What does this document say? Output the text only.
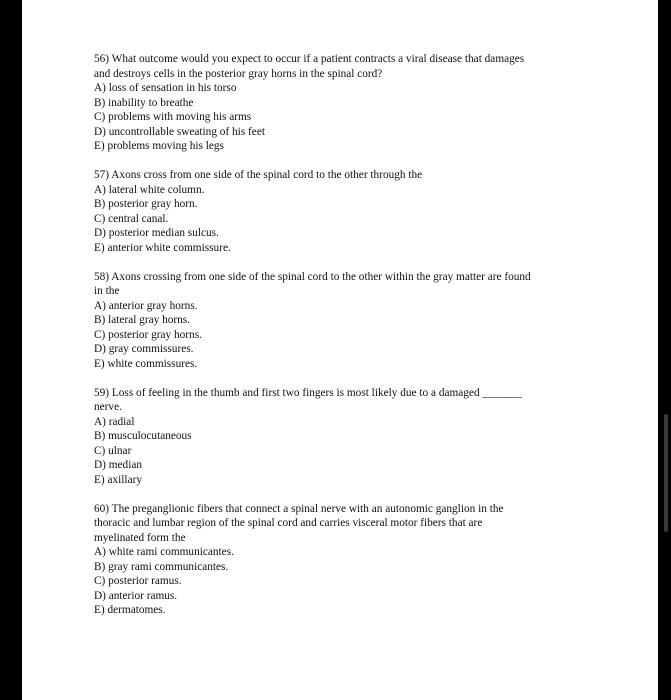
56) What outcome would you expect to occur if a patient contracts a viral disease that damages
and destroys cells in the posterior gray horns in the spinal cord?

A) loss of sensation in his torso

B) inability to breathe

C) problems with moving his arms

D) uncontrollable sweating of his feet

E) problems moving his legs

57) Axons cross from one side of the spinal cord to the other through the

A) lateral white column.

B) posterior gray horn.

C) central canal.

D) posterior median sulcus.

E) anterior white commissure.

58) Axons crossing from one side of the spinal cord to the other within the gray matter are found
in the

A) anterior gray horns.

B) lateral gray horns.

C) posterior gray horns.

D) gray commissures.

E) white commissures.

59) Loss of feeling in the thumb and first two fingers is most likely due to a damaged _______
nerve.

A) radial

B) musculocutaneous

C) ulnar

D) median

E) axillary

60) The preganglionic fibers that connect a spinal nerve with an autonomic ganglion in the
thoracic and lumbar region of the spinal cord and carries visceral motor fibers that are
myelinated form the

A) white rami communicantes.

B) gray rami communicantes.

C) posterior ramus.

D) anterior ramus.

E) dermatomes.
